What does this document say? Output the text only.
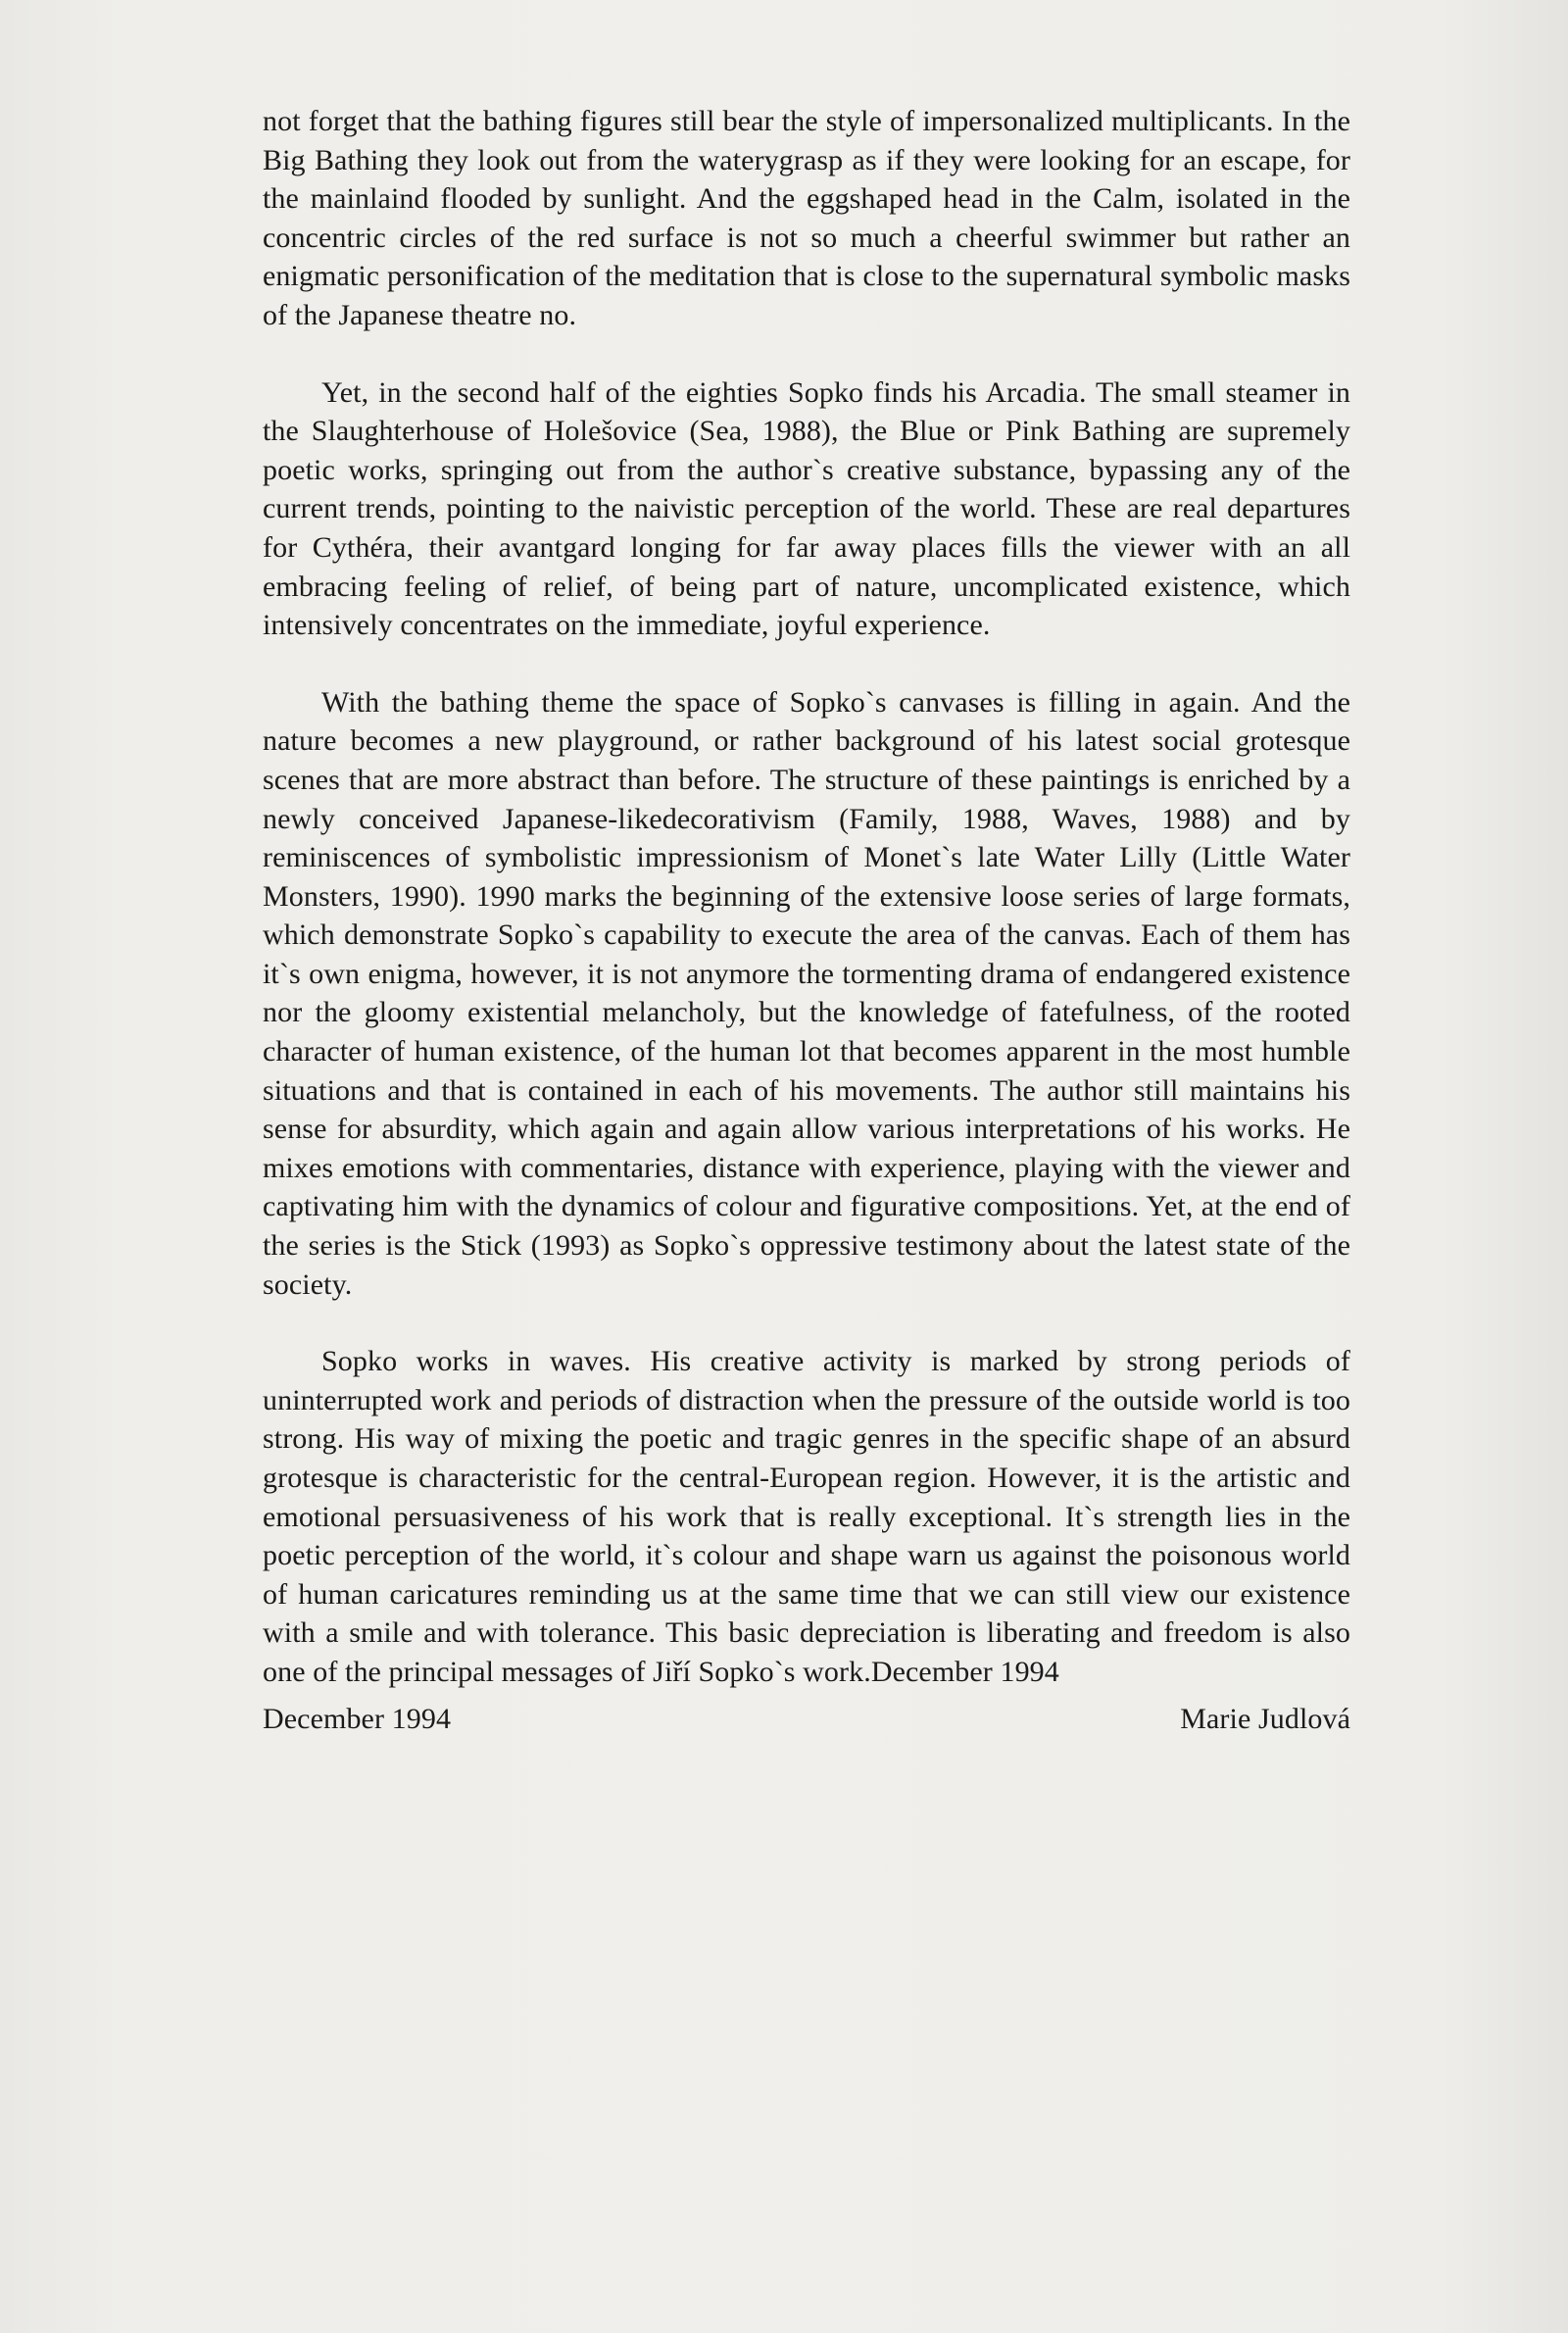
not forget that the bathing figures still bear the style of impersonalized multiplicants. In the Big Bathing they look out from the waterygrasp as if they were looking for an escape, for the mainlaind flooded by sunlight. And the eggshaped head in the Calm, isolated in the concentric circles of the red surface is not so much a cheerful swimmer but rather an enigmatic personification of the meditation that is close to the supernatural symbolic masks of the Japanese theatre no.

Yet, in the second half of the eighties Sopko finds his Arcadia. The small steamer in the Slaughterhouse of Holešovice (Sea, 1988), the Blue or Pink Bathing are supremely poetic works, springing out from the author`s creative substance, bypassing any of the current trends, pointing to the naivistic perception of the world. These are real departures for Cythéra, their avantgard longing for far away places fills the viewer with an all embracing feeling of relief, of being part of nature, uncomplicated existence, which intensively concentrates on the immediate, joyful experience.

With the bathing theme the space of Sopko`s canvases is filling in again. And the nature becomes a new playground, or rather background of his latest social grotesque scenes that are more abstract than before. The structure of these paintings is enriched by a newly conceived Japanese-likedecorativism (Family, 1988, Waves, 1988) and by reminiscences of symbolistic impressionism of Monet`s late Water Lilly (Little Water Monsters, 1990). 1990 marks the beginning of the extensive loose series of large formats, which demonstrate Sopko`s capability to execute the area of the canvas. Each of them has it`s own enigma, however, it is not anymore the tormenting drama of endangered existence nor the gloomy existential melancholy, but the knowledge of fatefulness, of the rooted character of human existence, of the human lot that becomes apparent in the most humble situations and that is contained in each of his movements. The author still maintains his sense for absurdity, which again and again allow various interpretations of his works. He mixes emotions with commentaries, distance with experience, playing with the viewer and captivating him with the dynamics of colour and figurative compositions. Yet, at the end of the series is the Stick (1993) as Sopko`s oppressive testimony about the latest state of the society.

Sopko works in waves. His creative activity is marked by strong periods of uninterrupted work and periods of distraction when the pressure of the outside world is too strong. His way of mixing the poetic and tragic genres in the specific shape of an absurd grotesque is characteristic for the central-European region. However, it is the artistic and emotional persuasiveness of his work that is really exceptional. It`s strength lies in the poetic perception of the world, it`s colour and shape warn us against the poisonous world of human caricatures reminding us at the same time that we can still view our existence with a smile and with tolerance. This basic depreciation is liberating and freedom is also one of the principal messages of Jiří Sopko`s work.December 1994

December 1994	Marie Judlová
